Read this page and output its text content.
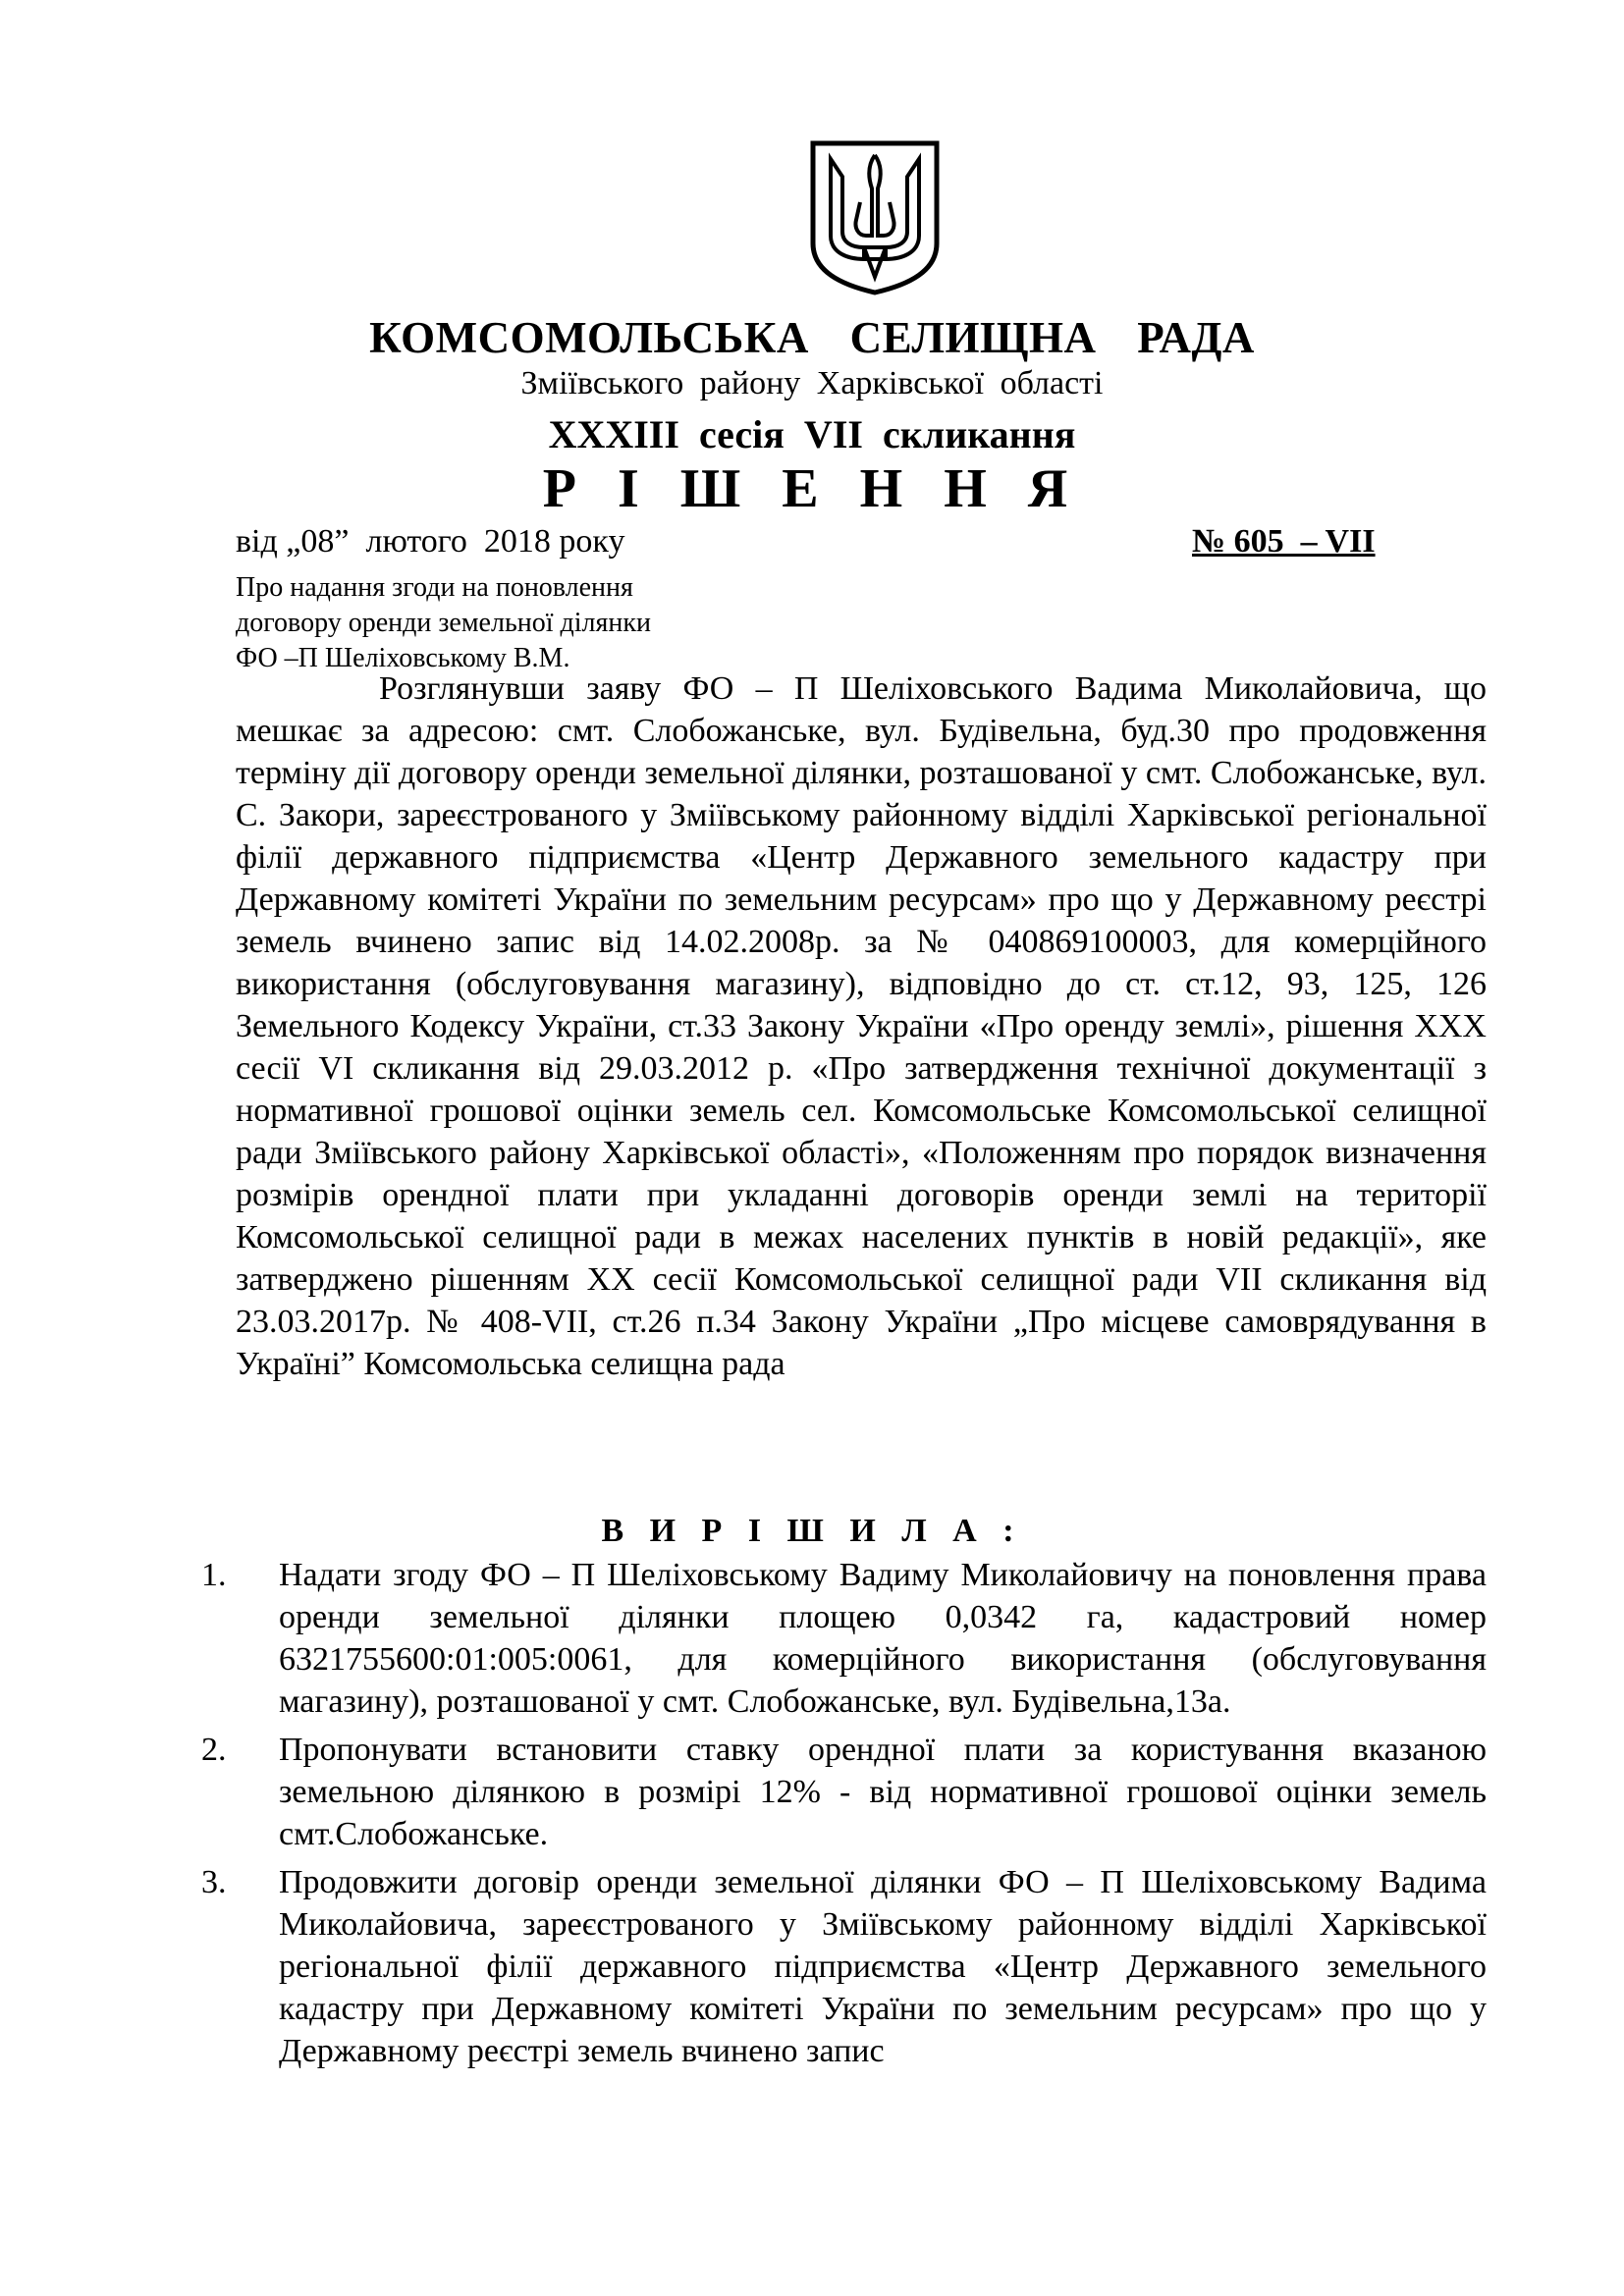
КОМСОМОЛЬСЬКА СЕЛИЩНА РАДА
Зміївського району Харківської області
ХХХІІІ сесія VІІ скликання
Р І Ш Е Н Н Я
від „08”  лютого  2018 року	№ 605  – VІІ
Про надання згоди на поновлення
договору оренди земельної ділянки
ФО –П Шеліховському В.М.

Розглянувши заяву ФО – П Шеліховського Вадима Миколайовича, що мешкає за адресою: смт. Слобожанське, вул. Будівельна, буд.30 про продовження терміну дії договору оренди земельної ділянки, розташованої у смт. Слобожанське, вул. С. Закори, зареєстрованого у Зміївському районному відділі Харківської регіональної філії державного підприємства «Центр Державного земельного кадастру при Державному комітеті України по земельним ресурсам» про що у Державному реєстрі земель вчинено запис від 14.02.2008р. за № 040869100003, для комерційного використання (обслуговування магазину), відповідно до ст. ст.12, 93, 125, 126 Земельного Кодексу України, ст.33 Закону України «Про оренду землі», рішення ХХХ сесії VІ скликання від 29.03.2012 р. «Про затвердження технічної документації з нормативної грошової оцінки земель сел. Комсомольське Комсомольської селищної ради Зміївського району Харківської області», «Положенням про порядок визначення розмірів орендної плати при укладанні договорів оренди землі на території Комсомольської селищної ради в межах населених пунктів в новій редакції», яке затверджено рішенням ХХ сесії Комсомольської селищної ради VІІ скликання від 23.03.2017р. № 408-VІІ, ст.26 п.34 Закону України „Про місцеве самоврядування в Україні” Комсомольська селищна рада

В И Р І Ш И Л А :
1. Надати згоду ФО – П Шеліховському Вадиму Миколайовичу на поновлення права оренди земельної ділянки площею 0,0342 га, кадастровий номер 6321755600:01:005:0061, для комерційного використання (обслуговування магазину), розташованої у смт. Слобожанське, вул. Будівельна,13а.
2. Пропонувати встановити ставку орендної плати за користування вказаною земельною ділянкою в розмірі 12% - від нормативної грошової оцінки земель смт.Слобожанське.
3. Продовжити договір оренди земельної ділянки ФО – П Шеліховському Вадима Миколайовича, зареєстрованого у Зміївському районному відділі Харківської регіональної філії державного підприємства «Центр Державного земельного кадастру при Державному комітеті України по земельним ресурсам» про що у Державному реєстрі земель вчинено запис
